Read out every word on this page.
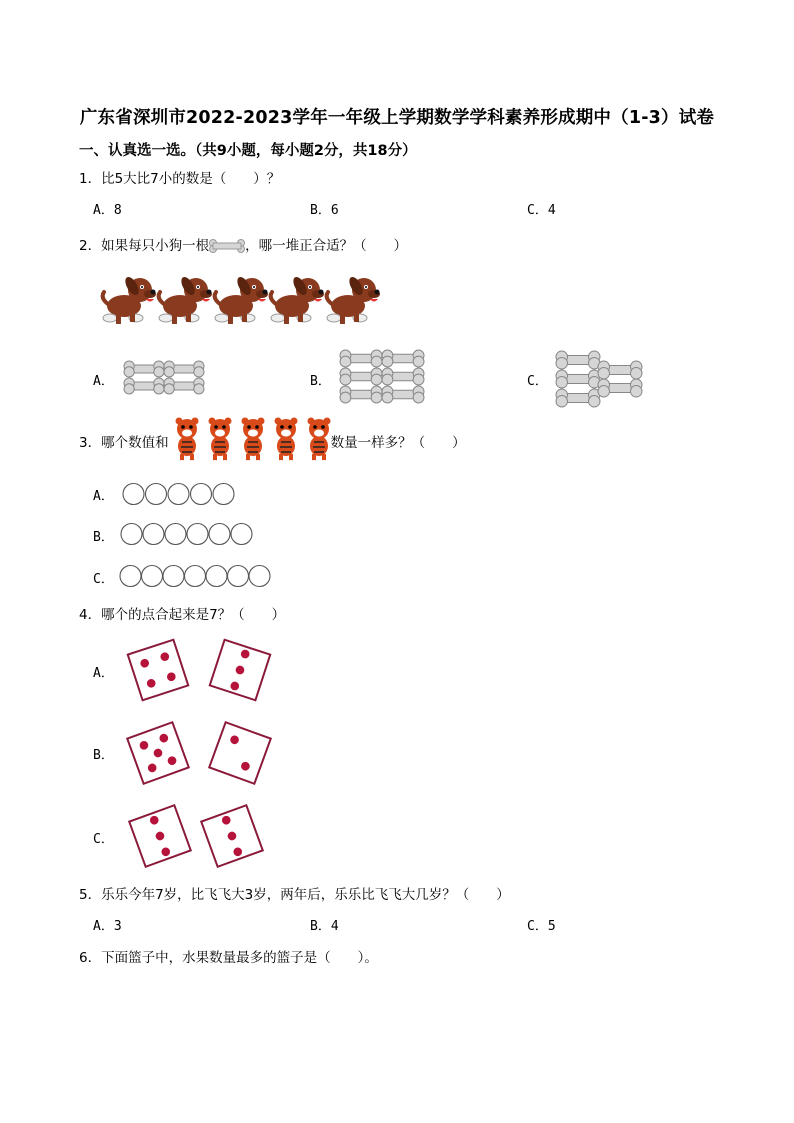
广东省深圳市2022-2023学年一年级上学期数学学科素养形成期中（1-3）试卷
一、认真选一选。（共9小题，每小题2分，共18分）
1．比5大比7小的数是（　　）？
A．8	B．6	C．4
2．如果每只小狗一根	，哪一堆正合适？（　　）
A．	B．	C．
3．哪个数值和	数量一样多？（　　）
A．
B．
C．
4．哪个的点合起来是7？（　　）
A．
B．
C．
5．乐乐今年7岁，比飞飞大3岁，两年后，乐乐比飞飞大几岁？（　　）
A．3	B．4	C．5
6．下面篮子中，水果数量最多的篮子是（　　）。
